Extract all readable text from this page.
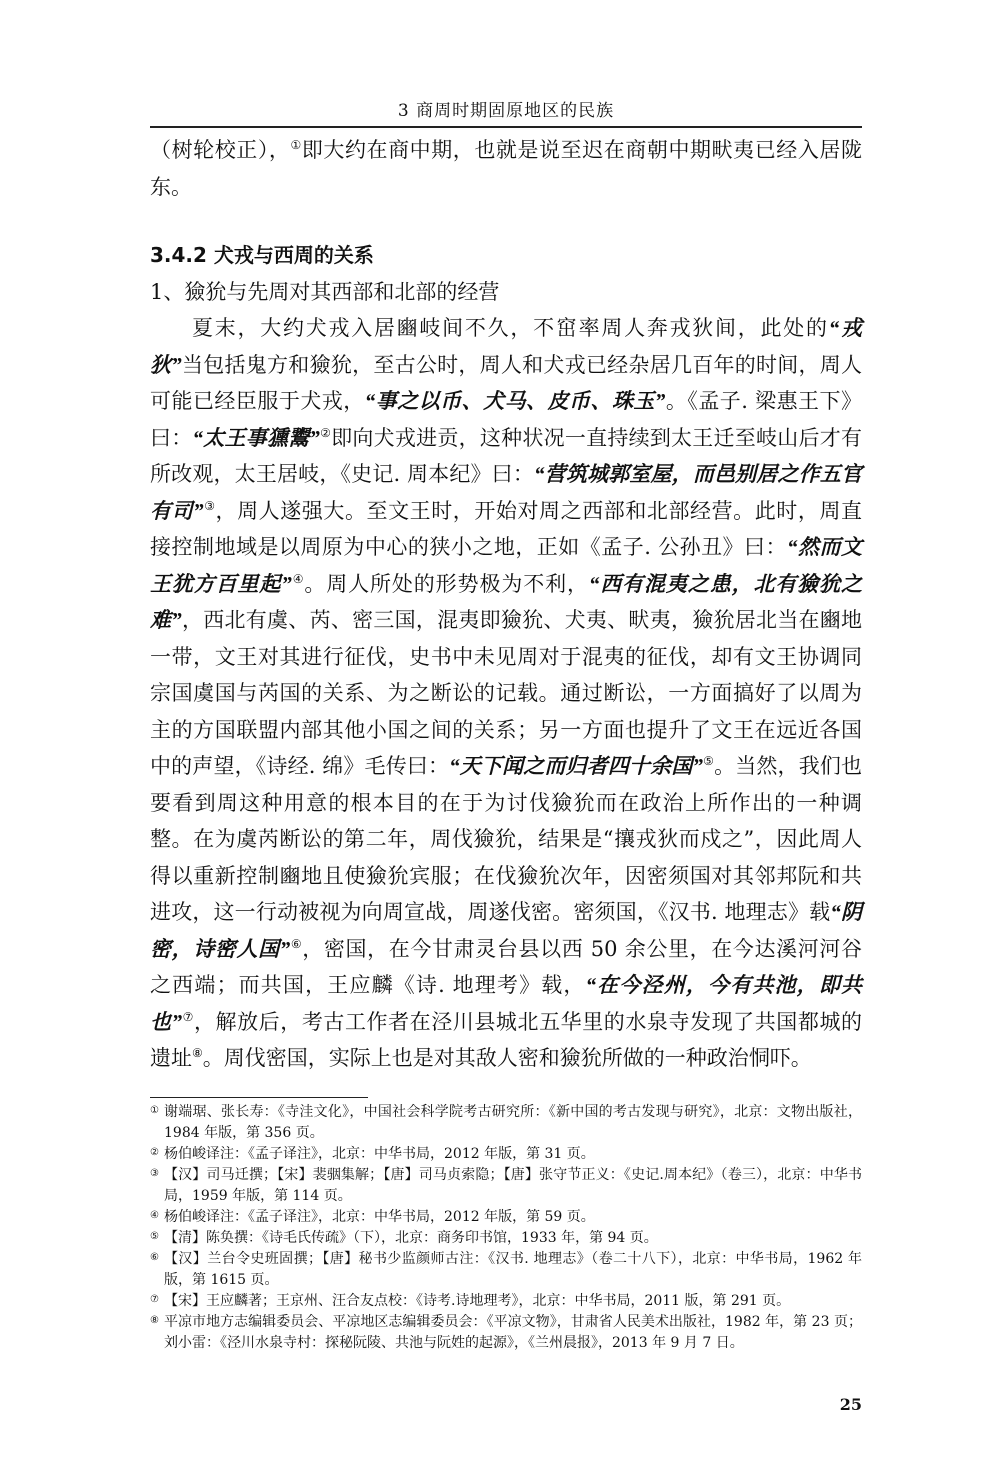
3 商周时期固原地区的民族

（树轮校正），①即大约在商中期，也就是说至迟在商朝中期畎夷已经入居陇东。

3.4.2 犬戎与西周的关系

1、獫狁与先周对其西部和北部的经营

夏末，大约犬戎入居豳岐间不久，不窋率周人奔戎狄间，此处的“戎狄”当包括鬼方和獫狁，至古公时，周人和犬戎已经杂居几百年的时间，周人可能已经臣服于犬戎，“事之以币、犬马、皮币、珠玉”。《孟子. 梁惠王下》曰：“太王事獯鬻”②即向犬戎进贡，这种状况一直持续到太王迁至岐山后才有所改观，太王居岐，《史记. 周本纪》曰：“营筑城郭室屋，而邑别居之作五官有司”③，周人遂强大。至文王时，开始对周之西部和北部经营。此时，周直接控制地域是以周原为中心的狭小之地，正如《孟子. 公孙丑》曰：“然而文王犹方百里起”④。周人所处的形势极为不利，“西有混夷之患，北有獫狁之难”，西北有虞、芮、密三国，混夷即獫狁、犬夷、畎夷，獫狁居北当在豳地一带，文王对其进行征伐，史书中未见周对于混夷的征伐，却有文王协调同宗国虞国与芮国的关系、为之断讼的记载。通过断讼，一方面搞好了以周为主的方国联盟内部其他小国之间的关系；另一方面也提升了文王在远近各国中的声望，《诗经. 绵》毛传曰：“天下闻之而归者四十余国”⑤。当然，我们也要看到周这种用意的根本目的在于为讨伐獫狁而在政治上所作出的一种调整。在为虞芮断讼的第二年，周伐獫狁，结果是“攘戎狄而戍之”，因此周人得以重新控制豳地且使獫狁宾服；在伐獫狁次年，因密须国对其邻邦阮和共进攻，这一行动被视为向周宣战，周遂伐密。密须国，《汉书. 地理志》载“阴密，诗密人国”⑥，密国，在今甘肃灵台县以西 50 余公里，在今达溪河河谷之西端；而共国，王应麟《诗. 地理考》载，“在今泾州，今有共池，即共也”⑦，解放后，考古工作者在泾川县城北五华里的水泉寺发现了共国都城的遗址⑧。周伐密国，实际上也是对其敌人密和獫狁所做的一种政治恫吓。

① 谢端琚、张长寿：《寺洼文化》，中国社会科学院考古研究所：《新中国的考古发现与研究》，北京：文物出版社，1984 年版，第 356 页。
② 杨伯峻译注：《孟子译注》，北京：中华书局，2012 年版，第 31 页。
③ 【汉】司马迁撰；【宋】裴骃集解；【唐】司马贞索隐；【唐】张守节正义：《史记.周本纪》（卷三），北京：中华书局，1959 年版，第 114 页。
④ 杨伯峻译注：《孟子译注》，北京：中华书局，2012 年版，第 59 页。
⑤ 【清】陈奂撰：《诗毛氏传疏》（下），北京：商务印书馆，1933 年，第 94 页。
⑥ 【汉】兰台令史班固撰；【唐】秘书少监颜师古注：《汉书. 地理志》（卷二十八下），北京：中华书局，1962 年版，第 1615 页。
⑦ 【宋】王应麟著；王京州、汪合友点校：《诗考.诗地理考》，北京：中华书局，2011 版，第 291 页。
⑧ 平凉市地方志编辑委员会、平凉地区志编辑委员会：《平凉文物》，甘肃省人民美术出版社，1982 年，第 23 页；刘小雷：《泾川水泉寺村：探秘阮陵、共池与阮姓的起源》，《兰州晨报》，2013 年 9 月 7 日。
25
